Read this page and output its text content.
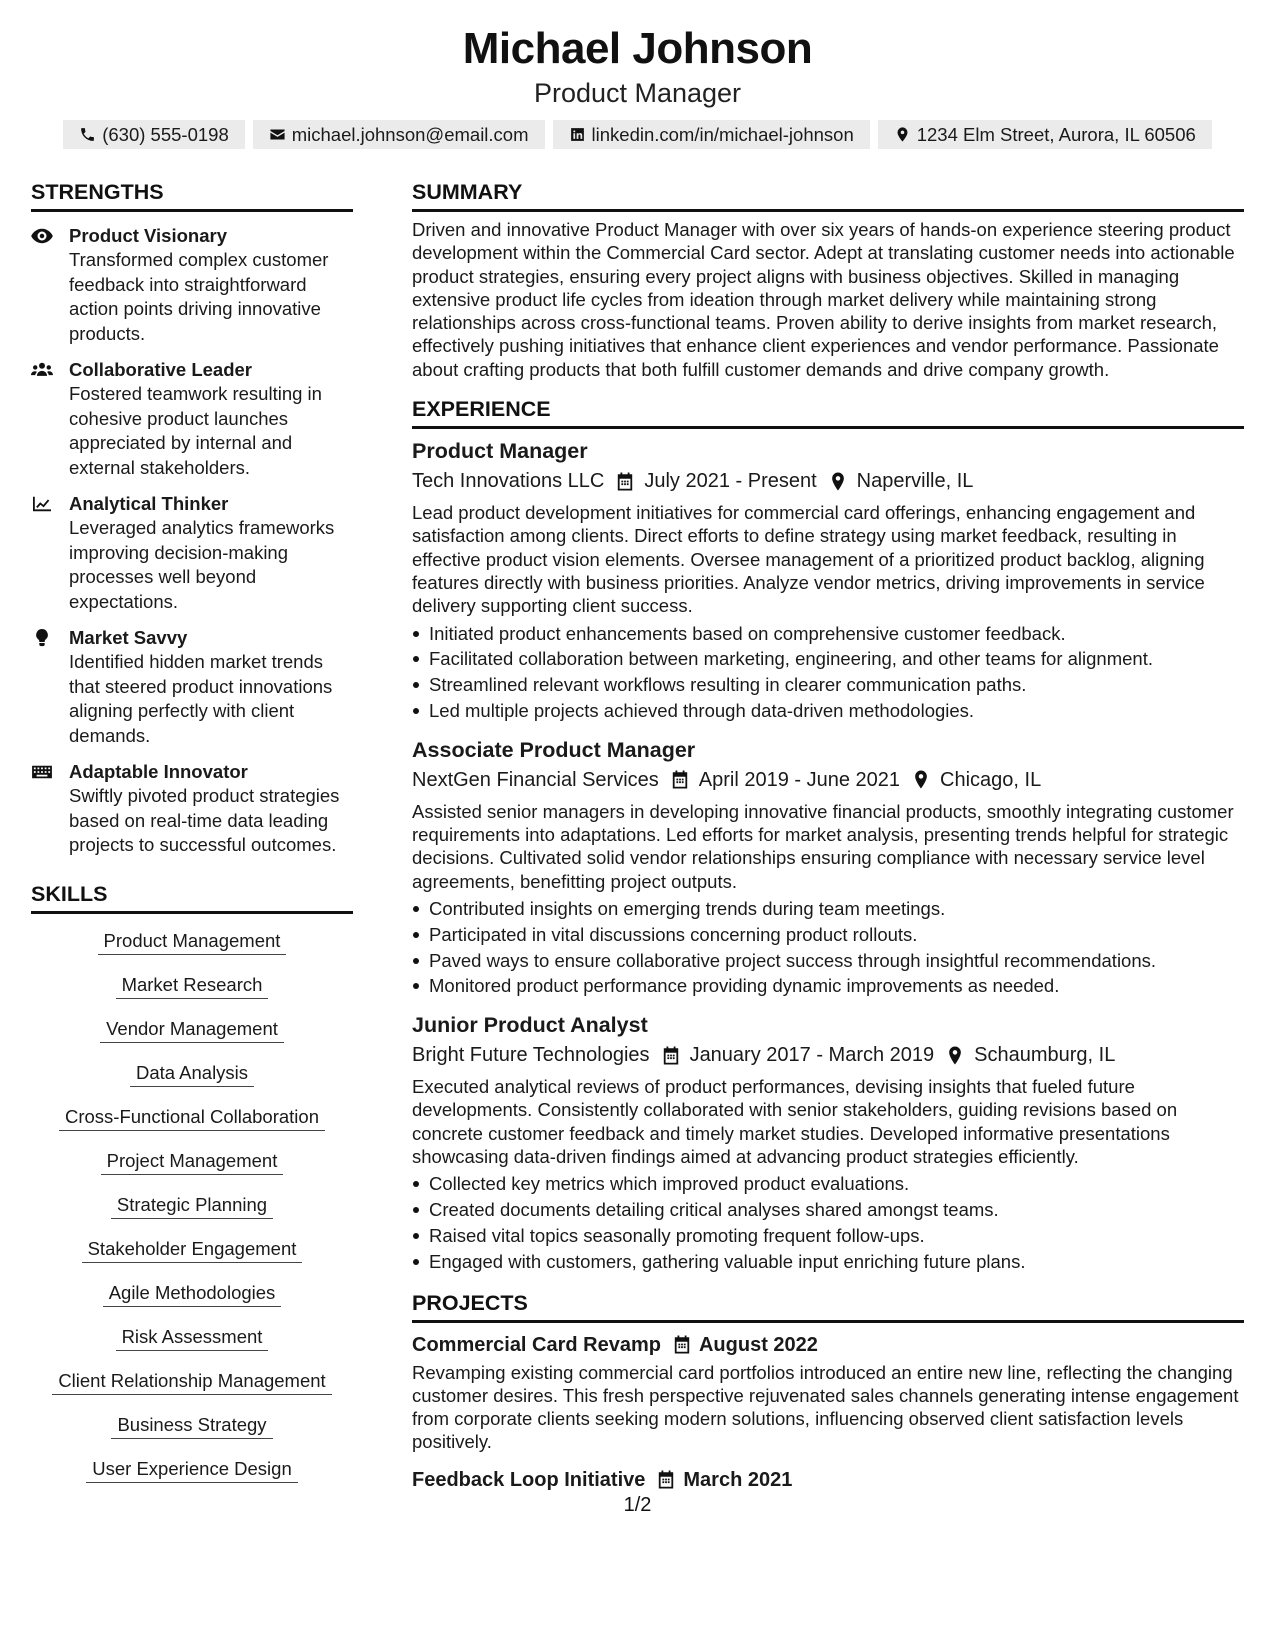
Michael Johnson
Product Manager
(630) 555-0198	michael.johnson@email.com	linkedin.com/in/michael-johnson	1234 Elm Street, Aurora, IL 60506
STRENGTHS
Product Visionary
Transformed complex customer feedback into straightforward action points driving innovative products.
Collaborative Leader
Fostered teamwork resulting in cohesive product launches appreciated by internal and external stakeholders.
Analytical Thinker
Leveraged analytics frameworks improving decision-making processes well beyond expectations.
Market Savvy
Identified hidden market trends that steered product innovations aligning perfectly with client demands.
Adaptable Innovator
Swiftly pivoted product strategies based on real-time data leading projects to successful outcomes.
SKILLS
Product Management
Market Research
Vendor Management
Data Analysis
Cross-Functional Collaboration
Project Management
Strategic Planning
Stakeholder Engagement
Agile Methodologies
Risk Assessment
Client Relationship Management
Business Strategy
User Experience Design
SUMMARY
Driven and innovative Product Manager with over six years of hands-on experience steering product development within the Commercial Card sector. Adept at translating customer needs into actionable product strategies, ensuring every project aligns with business objectives. Skilled in managing extensive product life cycles from ideation through market delivery while maintaining strong relationships across cross-functional teams. Proven ability to derive insights from market research, effectively pushing initiatives that enhance client experiences and vendor performance. Passionate about crafting products that both fulfill customer demands and drive company growth.
EXPERIENCE
Product Manager
Tech Innovations LLC July 2021 - Present Naperville, IL
Lead product development initiatives for commercial card offerings, enhancing engagement and satisfaction among clients. Direct efforts to define strategy using market feedback, resulting in effective product vision elements. Oversee management of a prioritized product backlog, aligning features directly with business priorities. Analyze vendor metrics, driving improvements in service delivery supporting client success.
Initiated product enhancements based on comprehensive customer feedback.
Facilitated collaboration between marketing, engineering, and other teams for alignment.
Streamlined relevant workflows resulting in clearer communication paths.
Led multiple projects achieved through data-driven methodologies.
Associate Product Manager
NextGen Financial Services April 2019 - June 2021 Chicago, IL
Assisted senior managers in developing innovative financial products, smoothly integrating customer requirements into adaptations. Led efforts for market analysis, presenting trends helpful for strategic decisions. Cultivated solid vendor relationships ensuring compliance with necessary service level agreements, benefitting project outputs.
Contributed insights on emerging trends during team meetings.
Participated in vital discussions concerning product rollouts.
Paved ways to ensure collaborative project success through insightful recommendations.
Monitored product performance providing dynamic improvements as needed.
Junior Product Analyst
Bright Future Technologies January 2017 - March 2019 Schaumburg, IL
Executed analytical reviews of product performances, devising insights that fueled future developments. Consistently collaborated with senior stakeholders, guiding revisions based on concrete customer feedback and timely market studies. Developed informative presentations showcasing data-driven findings aimed at advancing product strategies efficiently.
Collected key metrics which improved product evaluations.
Created documents detailing critical analyses shared amongst teams.
Raised vital topics seasonally promoting frequent follow-ups.
Engaged with customers, gathering valuable input enriching future plans.
PROJECTS
Commercial Card Revamp August 2022
Revamping existing commercial card portfolios introduced an entire new line, reflecting the changing customer desires. This fresh perspective rejuvenated sales channels generating intense engagement from corporate clients seeking modern solutions, influencing observed client satisfaction levels positively.
Feedback Loop Initiative March 2021
1/2
